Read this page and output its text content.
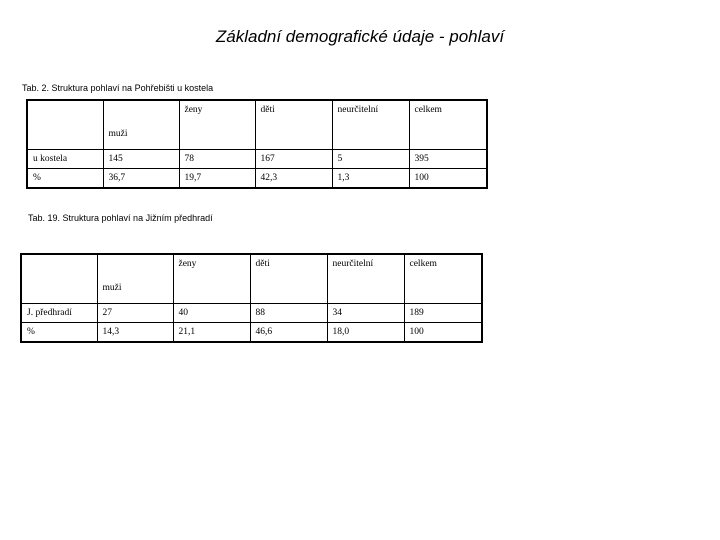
Základní demografické údaje - pohlaví
Tab. 2. Struktura pohlaví na Pohřebišti u kostela
	muži	ženy	děti	neurčitelní	celkem
u kostela	145	78	167	5	395
%	36,7	19,7	42,3	1,3	100
Tab. 19. Struktura pohlaví na Jižním předhradí
	muži	ženy	děti	neurčitelní	celkem
J. předhradí	27	40	88	34	189
%	14,3	21,1	46,6	18,0	100
